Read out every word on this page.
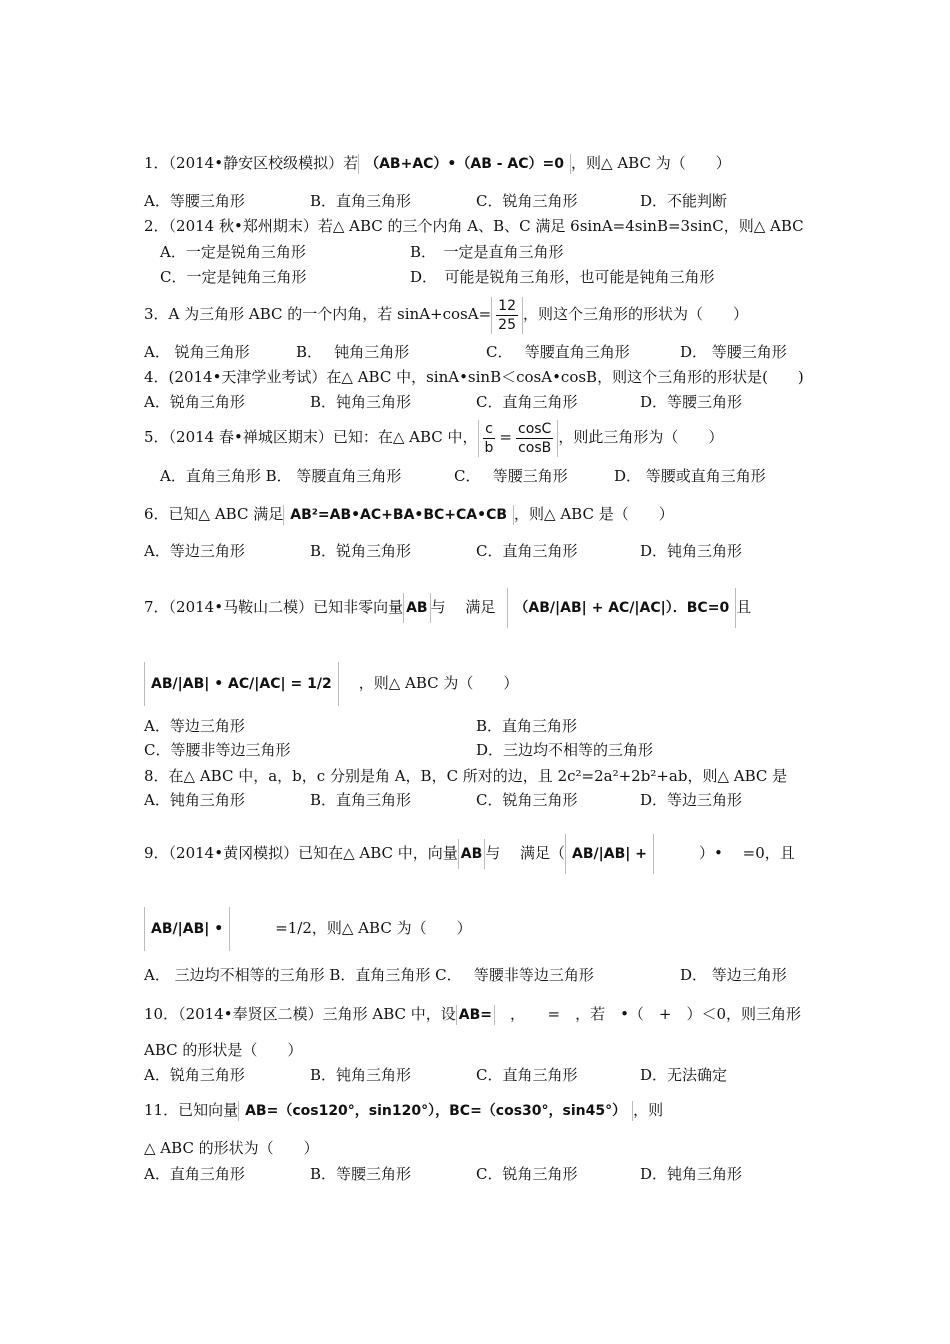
1．（2014•静安区校级模拟）若 （AB+AC）•（AB - AC）=0 ，则△ ABC 为（　　）
A．等腰三角形	B．直角三角形	C．锐角三角形	D．不能判断
2．（2014 秋•郑州期末）若△ ABC 的三个内角 A、B、C 满足 6sinA=4sinB=3sinC，则△ ABC
A．一定是锐角三角形	B．　一定是直角三角形
C．一定是钝角三角形	D．　可能是锐角三角形，也可能是钝角三角形
3．A 为三角形 ABC 的一个内角，若 $\sin A+\cos A= \frac{12}{25}$ ，则这个三角形的形状为（　　）
A． 锐角三角形	B．　 钝角三角形	C．　 等腰直角三角形	D． 等腰三角形
4．(2014•天津学业考试）在△ ABC 中，sinA•sinB＜cosA•cosB，则这个三角形的形状是(　　)
A．锐角三角形	B．钝角三角形	C．直角三角形	D．等腰三角形
5．（2014 春•禅城区期末）已知：在△ ABC 中， $\frac{c}{b} = \frac{\cos C}{\cos B}$ ，则此三角形为（　　）
A．直角三角形 B． 等腰直角三角形	C．　 等腰三角形	D． 等腰或直角三角形
6．已知△ ABC 满足 AB²=AB•AC+BA•BC+CA•CB ，则△ ABC 是（　　）
A．等边三角形	B．锐角三角形	C．直角三角形	D．钝角三角形
7．（2014•马鞍山二模）已知非零向量 AB 与　 满足 （AB/|AB| + AC/|AC|）．BC=0 且
AB/|AB| • AC/|AC| = 1/2 ，则△ ABC 为（　　）
A．等边三角形	B．直角三角形
C．等腰非等边三角形	D．三边均不相等的三角形
8．在△ ABC 中，a，b，c 分别是角 A，B，C 所对的边，且 2c²=2a²+2b²+ab，则△ ABC 是
A．钝角三角形	B．直角三角形	C．锐角三角形	D．等边三角形
9．（2014•黄冈模拟）已知在△ ABC 中，向量 AB 与　 满足（ AB/|AB| +　　　）•　 =0，且
AB/|AB| •　　　=1/2，则△ ABC 为（　　）
A． 三边均不相等的三角形 B．直角三角形 C．　 等腰非等边三角形	D． 等边三角形
10．（2014•奉贤区二模）三角形 ABC 中，设 AB=　，　　=　，若　•（　+　）＜0，则三角形
ABC 的形状是（　　）
A．锐角三角形	B．钝角三角形	C．直角三角形	D．无法确定
11．已知向量 AB=（cos120°，sin120°），BC=（cos30°，sin45°） ，则
△ ABC 的形状为（　　）
A．直角三角形	B．等腰三角形	C．锐角三角形	D．钝角三角形
